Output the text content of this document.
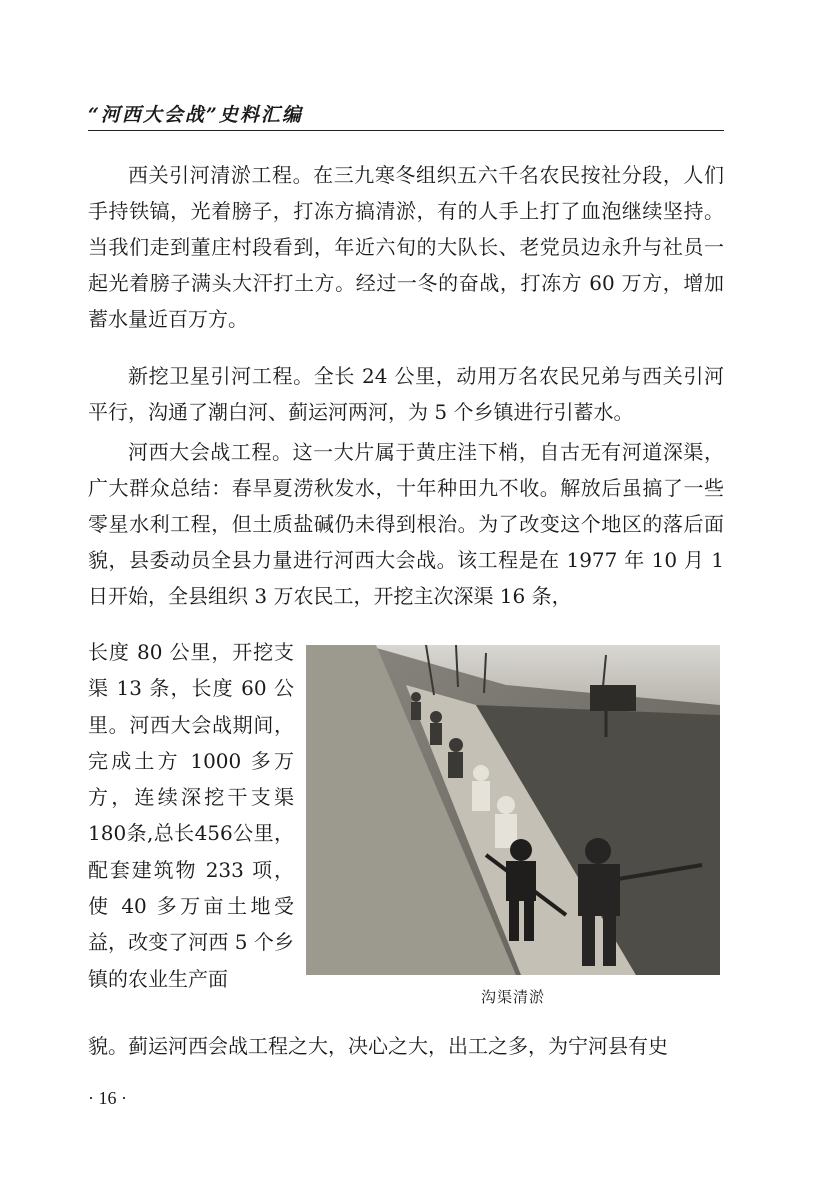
“河西大会战”史料汇编

西关引河清淤工程。在三九寒冬组织五六千名农民按社分段，人们手持铁镐，光着膀子，打冻方搞清淤，有的人手上打了血泡继续坚持。当我们走到董庄村段看到，年近六旬的大队长、老党员边永升与社员一起光着膀子满头大汗打土方。经过一冬的奋战，打冻方 60 万方，增加蓄水量近百万方。

新挖卫星引河工程。全长 24 公里，动用万名农民兄弟与西关引河平行，沟通了潮白河、蓟运河两河，为 5 个乡镇进行引蓄水。

河西大会战工程。这一大片属于黄庄洼下梢，自古无有河道深渠，广大群众总结：春旱夏涝秋发水，十年种田九不收。解放后虽搞了一些零星水利工程，但土质盐碱仍未得到根治。为了改变这个地区的落后面貌，县委动员全县力量进行河西大会战。该工程是在 1977 年 10 月 1 日开始，全县组织 3 万农民工，开挖主次深渠 16 条，

长度 80 公里，开挖支渠 13 条，长度 60 公里。河西大会战期间，完成土方 1000 多万方，连续深挖干支渠 180条,总长456公里，配套建筑物 233 项，使 40 多万亩土地受益，改变了河西 5 个乡镇的农业生产面

沟渠清淤

貌。蓟运河西会战工程之大，决心之大，出工之多，为宁河县有史

· 16 ·
